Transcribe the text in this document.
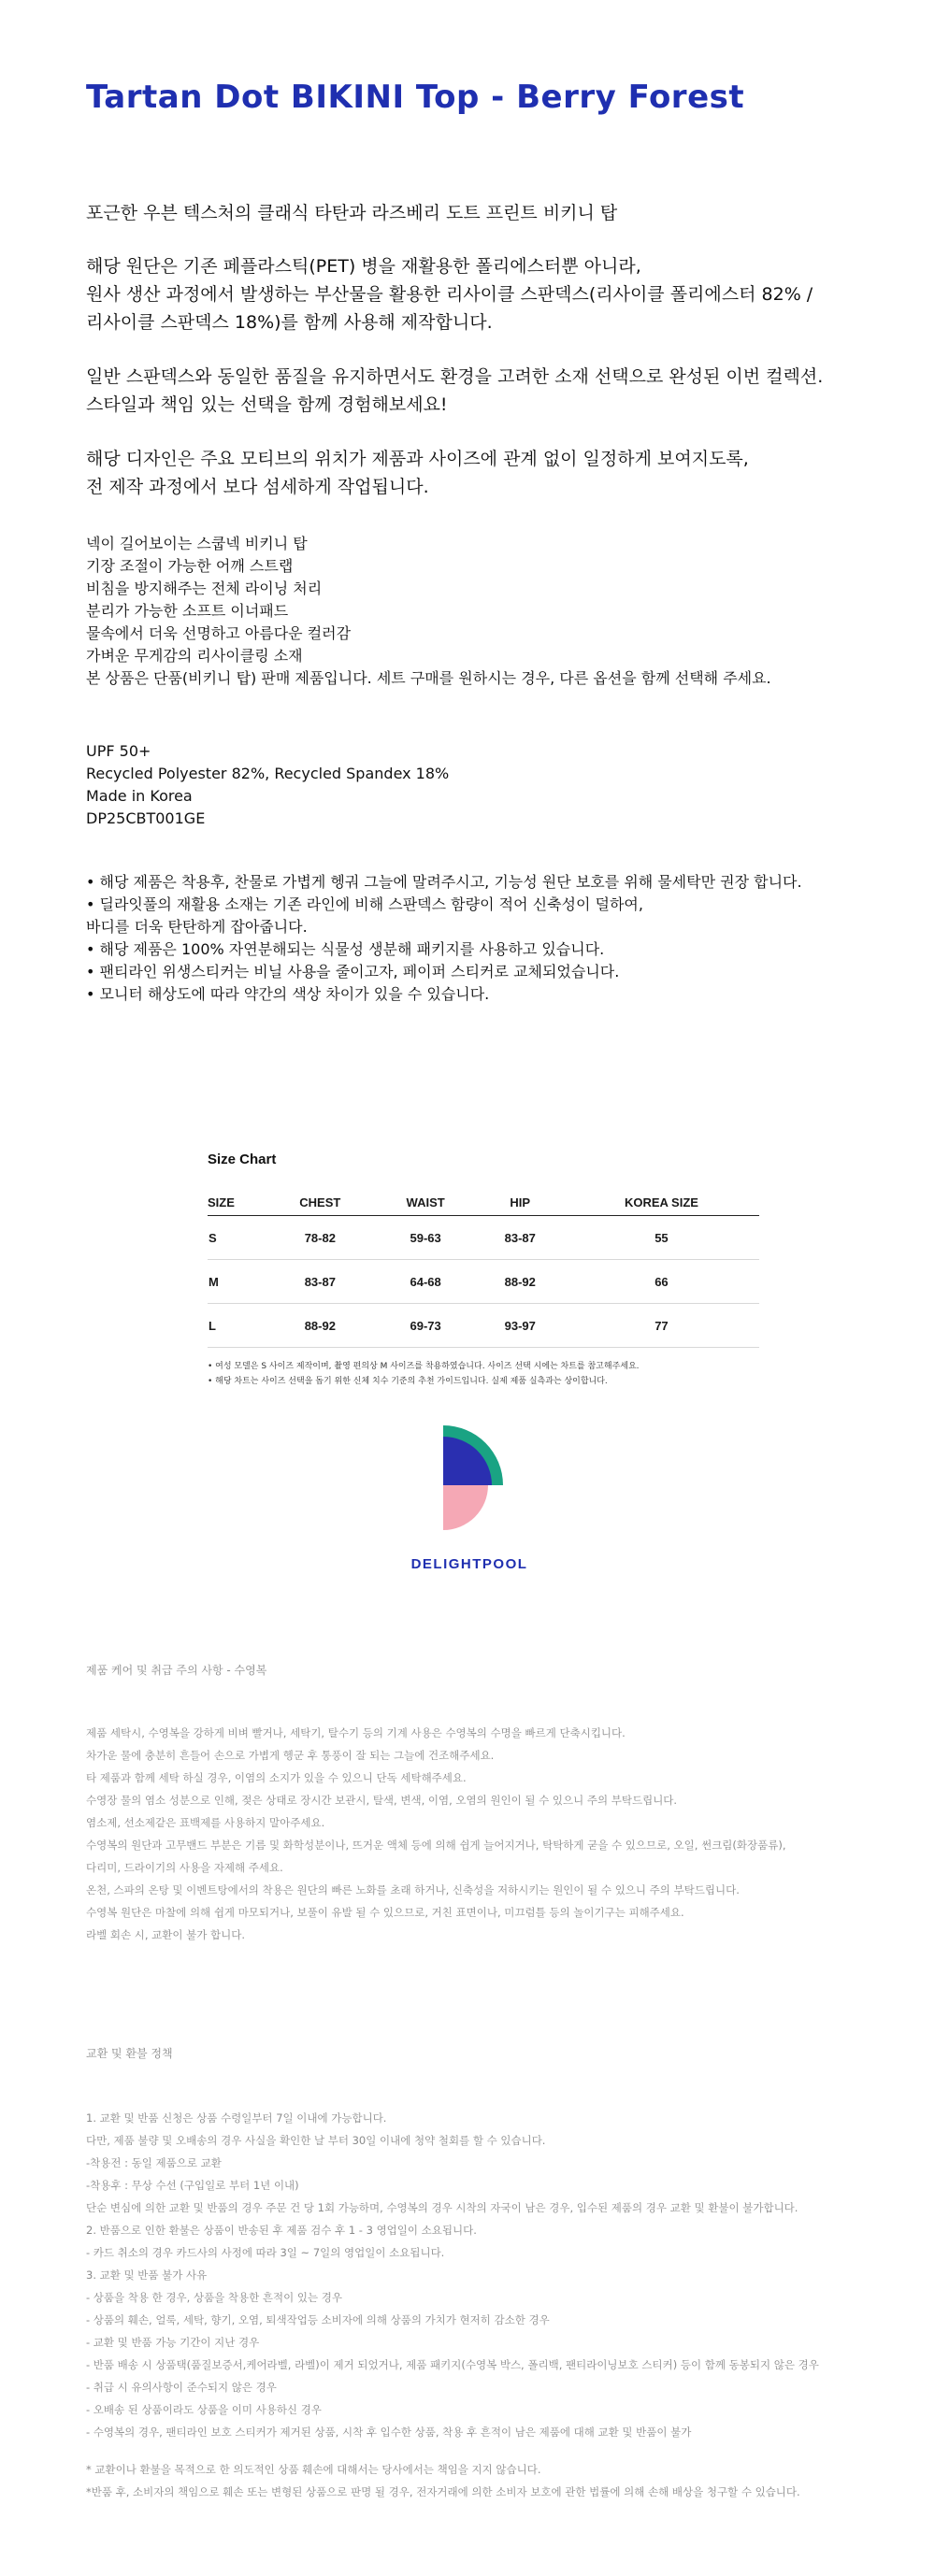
Tartan Dot BIKINI Top - Berry Forest
포근한 우븐 텍스처의 클래식 타탄과 라즈베리 도트 프린트 비키니 탑
해당 원단은 기존 페플라스틱(PET) 병을 재활용한 폴리에스터뿐 아니라,
원사 생산 과정에서 발생하는 부산물을 활용한 리사이클 스판덱스(리사이클 폴리에스터 82% /
리사이클 스판덱스 18%)를 함께 사용해 제작합니다.
일반 스판덱스와 동일한 품질을 유지하면서도 환경을 고려한 소재 선택으로 완성된 이번 컬렉션.
스타일과 책임 있는 선택을 함께 경험해보세요!
해당 디자인은 주요 모티브의 위치가 제품과 사이즈에 관계 없이 일정하게 보여지도록,
전 제작 과정에서 보다 섬세하게 작업됩니다.
넥이 길어보이는 스쿱넥 비키니 탑
기장 조절이 가능한 어깨 스트랩
비침을 방지해주는 전체 라이닝 처리
분리가 가능한 소프트 이너패드
물속에서 더욱 선명하고 아름다운 컬러감
가벼운 무게감의 리사이클링 소재
본 상품은 단품(비키니 탑) 판매 제품입니다. 세트 구매를 원하시는 경우, 다른 옵션을 함께 선택해 주세요.
UPF 50+
Recycled Polyester 82%, Recycled Spandex 18%
Made in Korea
DP25CBT001GE
• 해당 제품은 착용후, 찬물로 가볍게 헹궈 그늘에 말려주시고, 기능성 원단 보호를 위해 물세탁만 권장 합니다.
• 딜라잇풀의 재활용 소재는 기존 라인에 비해 스판덱스 함량이 적어 신축성이 덜하여,
바디를 더욱 탄탄하게 잡아줍니다.
• 해당 제품은 100% 자연분해되는 식물성 생분해 패키지를 사용하고 있습니다.
• 팬티라인 위생스티커는 비닐 사용을 줄이고자, 페이퍼 스티커로 교체되었습니다.
• 모니터 해상도에 따라 약간의 색상 차이가 있을 수 있습니다.
Size Chart
SIZE	CHEST	WAIST	HIP	KOREA SIZE
S	78-82	59-63	83-87	55
M	83-87	64-68	88-92	66
L	88-92	69-73	93-97	77
• 여성 모델은 S 사이즈 제작이며, 촬영 편의상 M 사이즈를 착용하였습니다. 사이즈 선택 시에는 차트를 참고해주세요.
• 해당 차트는 사이즈 선택을 돕기 위한 신체 치수 기준의 추천 가이드입니다. 실제 제품 실측과는 상이합니다.
DELIGHTPOOL
제품 케어 및 취급 주의 사항 - 수영복
제품 세탁시, 수영복을 강하게 비벼 빨거나, 세탁기, 탈수기 등의 기계 사용은 수영복의 수명을 빠르게 단축시킵니다.
차가운 물에 충분히 흔들어 손으로 가볍게 헹군 후 통풍이 잘 되는 그늘에 건조해주세요.
타 제품과 함께 세탁 하실 경우, 이염의 소지가 있을 수 있으니 단독 세탁해주세요.
수영장 물의 염소 성분으로 인해, 젖은 상태로 장시간 보관시, 탈색, 변색, 이염, 오염의 원인이 될 수 있으니 주의 부탁드립니다.
염소제, 선소제같은 표백제를 사용하지 말아주세요.
수영복의 원단과 고무밴드 부분은 기름 및 화학성분이나, 뜨거운 액체 등에 의해 쉽게 늘어지거나, 탁탁하게 굳을 수 있으므로, 오일, 썬크림(화장품류),
다리미, 드라이기의 사용을 자제해 주세요.
온천, 스파의 온탕 및 이벤트탕에서의 착용은 원단의 빠른 노화를 초래 하거나, 신축성을 저하시키는 원인이 될 수 있으니 주의 부탁드립니다.
수영복 원단은 마찰에 의해 쉽게 마모되거나, 보풀이 유발 될 수 있으므로, 거친 표면이나, 미끄럼틀 등의 놀이기구는 피해주세요.
라벨 회손 시, 교환이 불가 합니다.
교환 및 환불 정책
1. 교환 및 반품 신청은 상품 수령일부터 7일 이내에 가능합니다.
다만, 제품 불량 및 오배송의 경우 사실을 확인한 날 부터 30일 이내에 청약 철회를 할 수 있습니다.
-착용전 : 동일 제품으로 교환
-착용후 : 무상 수선 (구입일로 부터 1년 이내)
단순 변심에 의한 교환 및 반품의 경우 주문 건 당 1회 가능하며, 수영복의 경우 시착의 자국이 남은 경우, 입수된 제품의 경우 교환 및 환불이 불가합니다.
2. 반품으로 인한 환불은 상품이 반송된 후 제품 검수 후 1 - 3 영업일이 소요됩니다.
- 카드 취소의 경우 카드사의 사정에 따라 3일 ~ 7일의 영업일이 소요됩니다.
3. 교환 및 반품 불가 사유
- 상품을 착용 한 경우, 상품을 착용한 흔적이 있는 경우
- 상품의 훼손, 얼룩, 세탁, 향기, 오염, 퇴색작업등 소비자에 의해 상품의 가치가 현저히 감소한 경우
- 교환 및 반품 가능 기간이 지난 경우
- 반품 배송 시 상품택(품질보증서,케어라벨, 라벨)이 제거 되었거나, 제품 패키지(수영복 박스, 폴리백, 팬티라이닝보호 스티커) 등이 함께 동봉되지 않은 경우
- 취급 시 유의사항이 준수되지 않은 경우
- 오배송 된 상품이라도 상품을 이미 사용하신 경우
- 수영복의 경우, 팬티라인 보호 스티커가 제거된 상품, 시착 후 입수한 상품, 착용 후 흔적이 남은 제품에 대해 교환 및 반품이 불가
* 교환이나 환불을 목적으로 한 의도적인 상품 훼손에 대해서는 당사에서는 책임을 지지 않습니다.
*반품 후, 소비자의 책임으로 훼손 또는 변형된 상품으로 판명 될 경우, 전자거래에 의한 소비자 보호에 관한 법률에 의해 손해 배상을 청구할 수 있습니다.
